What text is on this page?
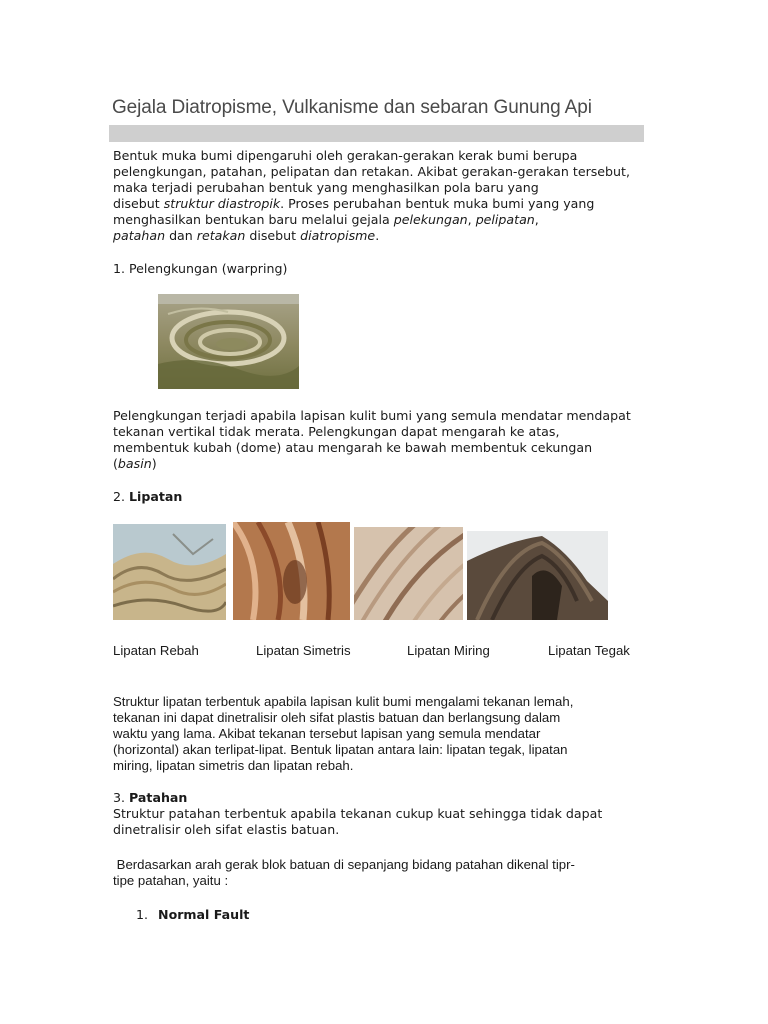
Gejala Diatropisme, Vulkanisme dan sebaran Gunung Api
Bentuk muka bumi dipengaruhi oleh gerakan-gerakan kerak bumi berupa
pelengkungan, patahan, pelipatan dan retakan. Akibat gerakan-gerakan tersebut,
maka terjadi perubahan bentuk yang menghasilkan pola baru yang
disebut struktur diastropik. Proses perubahan bentuk muka bumi yang yang
menghasilkan bentukan baru melalui gejala pelekungan, pelipatan,
patahan dan retakan disebut diatropisme.
1. Pelengkungan (warpring)
Pelengkungan terjadi apabila lapisan kulit bumi yang semula mendatar mendapat
tekanan vertikal tidak merata. Pelengkungan dapat mengarah ke atas,
membentuk kubah (dome) atau mengarah ke bawah membentuk cekungan
(basin)
2. Lipatan
Lipatan Rebah	Lipatan Simetris	Lipatan Miring	Lipatan Tegak
Struktur lipatan terbentuk apabila lapisan kulit bumi mengalami tekanan lemah,
tekanan ini dapat dinetralisir oleh sifat plastis batuan dan berlangsung dalam
waktu yang lama. Akibat tekanan tersebut lapisan yang semula mendatar
(horizontal) akan terlipat-lipat. Bentuk lipatan antara lain: lipatan tegak, lipatan
miring, lipatan simetris dan lipatan rebah.
3. Patahan
Struktur patahan terbentuk apabila tekanan cukup kuat sehingga tidak dapat
dinetralisir oleh sifat elastis batuan.
Berdasarkan arah gerak blok batuan di sepanjang bidang patahan dikenal tipr-
tipe patahan, yaitu :
1. Normal Fault
